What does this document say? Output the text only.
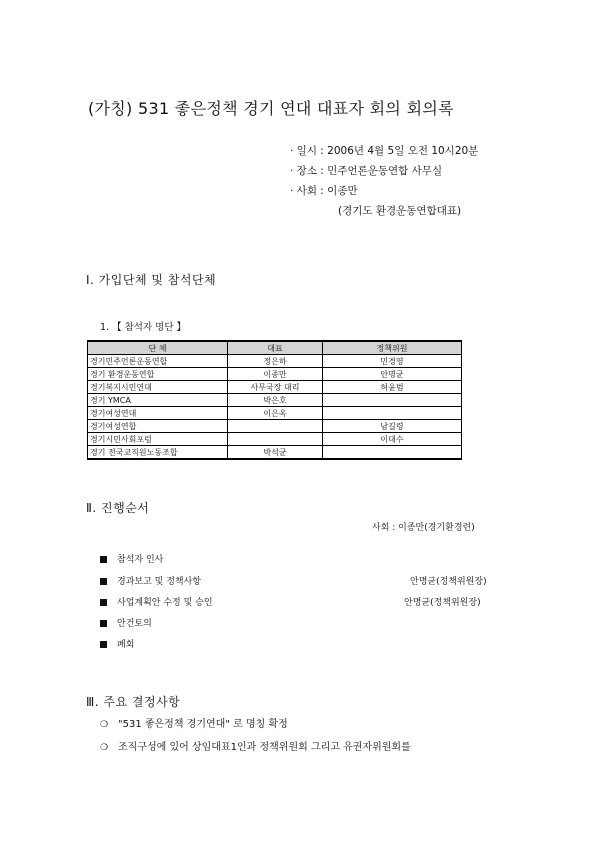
(가칭) 531 좋은정책 경기 연대 대표자 회의 회의록
· 일시 : 2006년 4월 5일 오전 10시20분
· 장소 : 민주언론운동연합 사무실
· 사회 : 이종만
(경기도 환경운동연합대표)
Ⅰ. 가입단체 및 참석단체
1. 【 참석자 명단 】
단 체	대표	정책위원
경기민주언론운동연합	정은하	민경영
경기 환경운동연합	이종만	안명균
경기복지시민연대	사무국장 대리	허윤범
경기 YMCA	박은호	
경기여성연대	이은옥	
경기여성연합		남길령
경기시민사회포럼		이대수
경기 전국교직원노동조합	박석균	
Ⅱ. 진행순서
사회 : 이종만(경기환경련)
참석자 인사
경과보고 및 정책사항	안명균(정책위원장)
사업계획안 수정 및 승인	안명균(정책위원장)
안건토의
폐회
Ⅲ. 주요 결정사항
❍ "531 좋은정책 경기연대" 로 명칭 확정
❍ 조직구성에 있어 상임대표1인과 정책위원회 그리고 유권자위원회를
